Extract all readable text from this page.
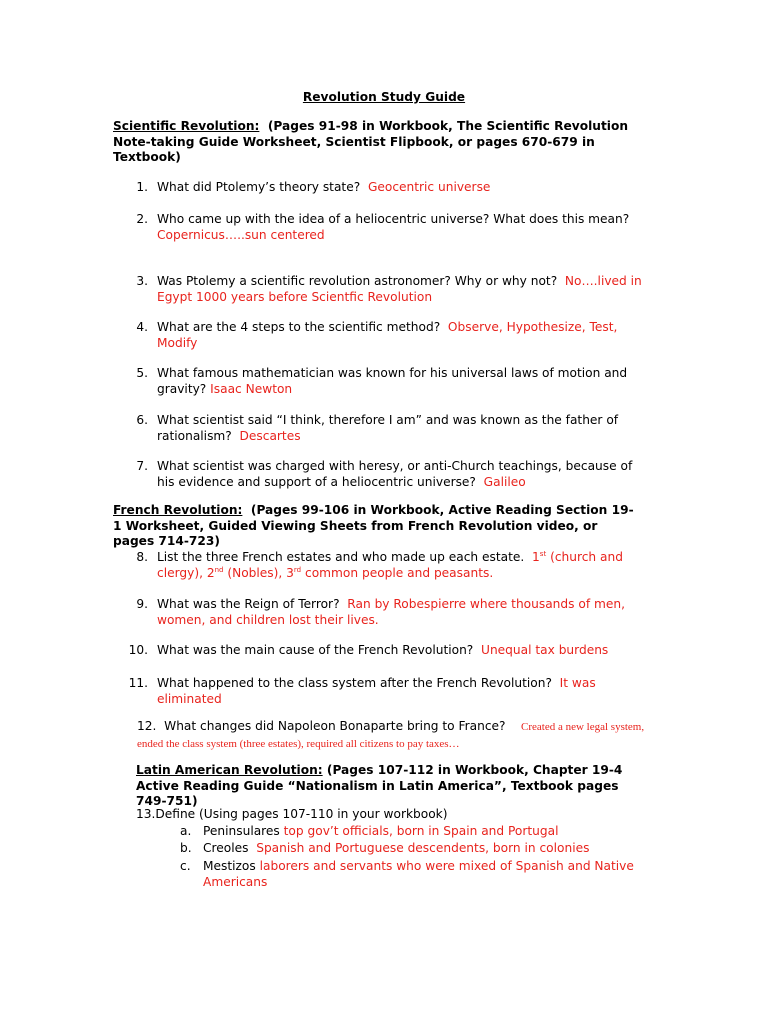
Revolution Study Guide
Scientific Revolution:  (Pages 91-98 in Workbook, The Scientific Revolution
Note-taking Guide Worksheet, Scientist Flipbook, or pages 670-679 in
Textbook)
1. What did Ptolemy’s theory state? Geocentric universe
2. Who came up with the idea of a heliocentric universe? What does this mean?
Copernicus…..sun centered
3. Was Ptolemy a scientific revolution astronomer? Why or why not? No….lived in Egypt 1000 years before Scientfic Revolution
4. What are the 4 steps to the scientific method? Observe, Hypothesize, Test, Modify
5. What famous mathematician was known for his universal laws of motion and gravity? Isaac Newton
6. What scientist said “I think, therefore I am” and was known as the father of rationalism? Descartes
7. What scientist was charged with heresy, or anti-Church teachings, because of his evidence and support of a heliocentric universe? Galileo
French Revolution:  (Pages 99-106 in Workbook, Active Reading Section 19-
1 Worksheet, Guided Viewing Sheets from French Revolution video, or
pages 714-723)
8. List the three French estates and who made up each estate. 1st (church and clergy), 2nd (Nobles), 3rd common people and peasants.
9. What was the Reign of Terror? Ran by Robespierre where thousands of men, women, and children lost their lives.
10. What was the main cause of the French Revolution? Unequal tax burdens
11. What happened to the class system after the French Revolution? It was eliminated
12. What changes did Napoleon Bonaparte bring to France? Created a new legal system, ended the class system (three estates), required all citizens to pay taxes…
Latin American Revolution: (Pages 107-112 in Workbook, Chapter 19-4
Active Reading Guide “Nationalism in Latin America”, Textbook pages
749-751)
13.Define (Using pages 107-110 in your workbook)
a. Peninsulares top gov’t officials, born in Spain and Portugal
b. Creoles Spanish and Portuguese descendents, born in colonies
c. Mestizos laborers and servants who were mixed of Spanish and Native Americans
